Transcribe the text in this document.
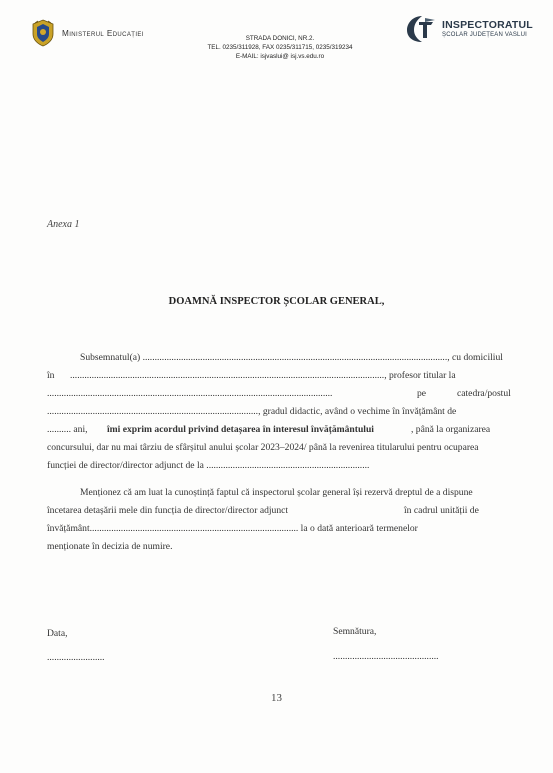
Ministerul Educației
STRADA DONICI, NR.2.
TEL. 0235/311928, FAX 0235/311715, 0235/319234
E-MAIL: isjvaslui@ isj.vs.edu.ro
INSPECTORATUL
ȘCOLAR JUDEȚEAN VASLUI
Anexa 1
DOAMNĂ INSPECTOR ȘCOLAR GENERAL,
Subsemnatul(a) ..............................................................................................................................., cu domiciliul
în ..................................................................................................................................., profesor titular la
.......................................................................................................................	pe	catedra/postul
........................................................................................, gradul didactic, având o vechime în învățământ de
.......... ani, îmi exprim acordul privind detașarea în interesul învățământului	, până la organizarea
concursului, dar nu mai târziu de sfârșitul anului școlar 2023–2024/ până la revenirea titularului pentru ocuparea
funcției de director/director adjunct de la ....................................................................
Menționez că am luat la cunoștință faptul că inspectorul școlar general își rezervă dreptul de a dispune
încetarea detașării mele din funcția de director/director adjunct	în cadrul unității de
învățământ....................................................................................... la o dată anterioară termenelor
menționate în decizia de numire.
Data,
........................
Semnătura,
............................................
13
